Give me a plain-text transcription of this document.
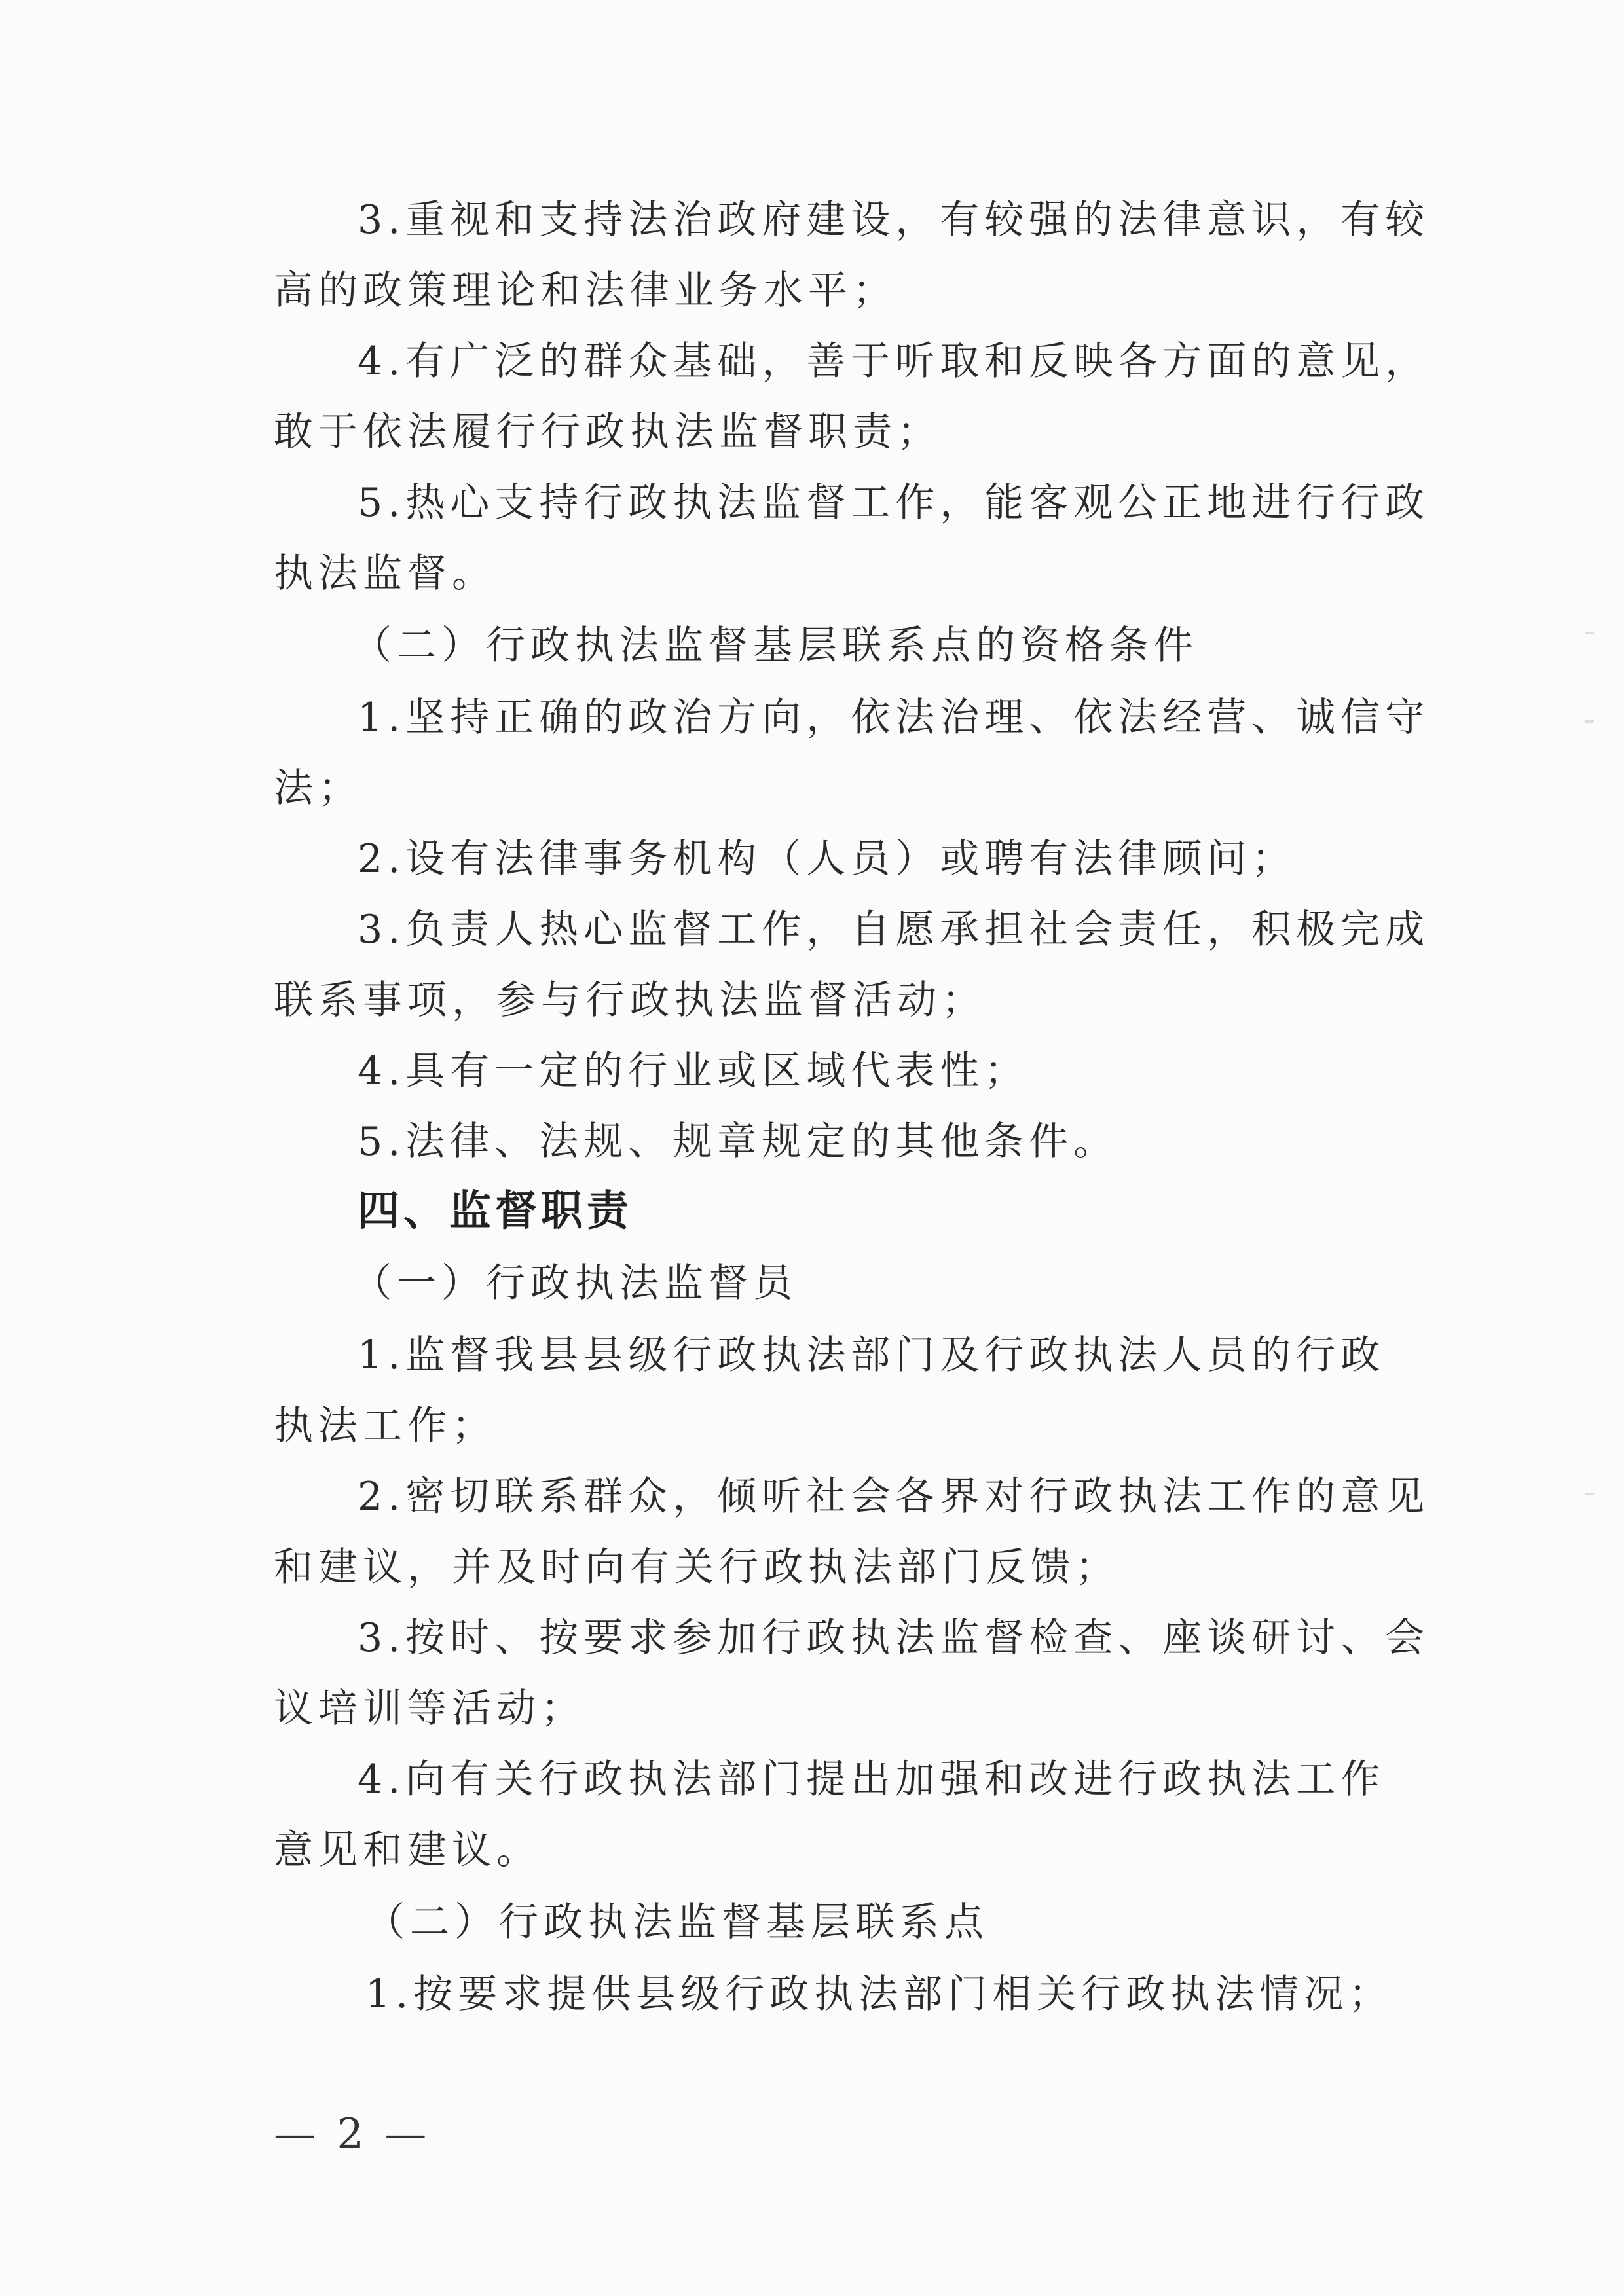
3.重视和支持法治政府建设，有较强的法律意识，有较
高的政策理论和法律业务水平；
4.有广泛的群众基础，善于听取和反映各方面的意见，
敢于依法履行行政执法监督职责；
5.热心支持行政执法监督工作，能客观公正地进行行政
执法监督。
（二）行政执法监督基层联系点的资格条件
1.坚持正确的政治方向，依法治理、依法经营、诚信守
法；
2.设有法律事务机构（人员）或聘有法律顾问；
3.负责人热心监督工作，自愿承担社会责任，积极完成
联系事项，参与行政执法监督活动；
4.具有一定的行业或区域代表性；
5.法律、法规、规章规定的其他条件。
四、监督职责
（一）行政执法监督员
1.监督我县县级行政执法部门及行政执法人员的行政
执法工作；
2.密切联系群众，倾听社会各界对行政执法工作的意见
和建议，并及时向有关行政执法部门反馈；
3.按时、按要求参加行政执法监督检查、座谈研讨、会
议培训等活动；
4.向有关行政执法部门提出加强和改进行政执法工作
意见和建议。
（二）行政执法监督基层联系点
1.按要求提供县级行政执法部门相关行政执法情况；
— 2 —
